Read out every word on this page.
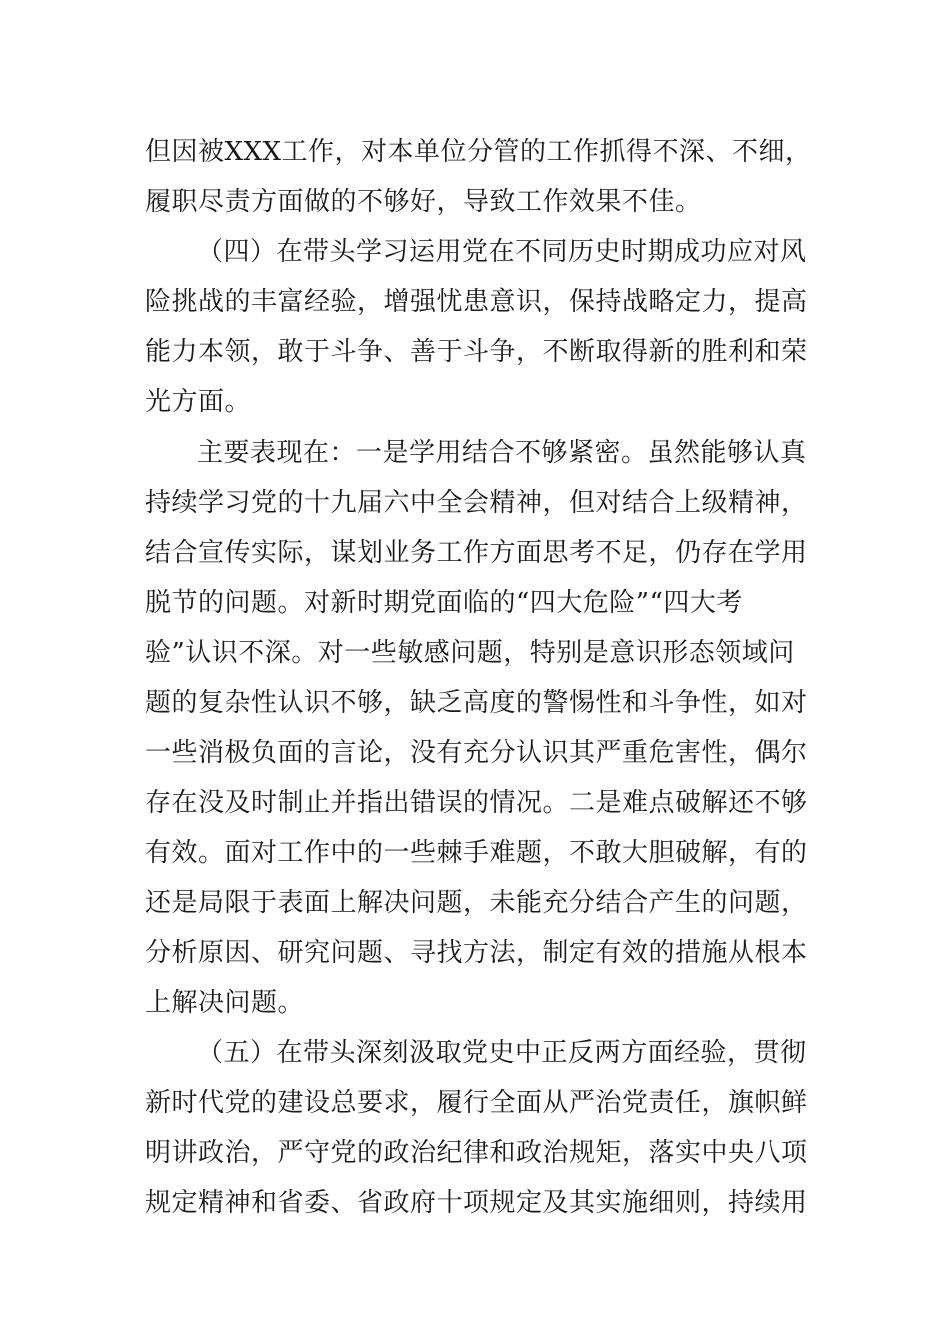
但因被XXX工作，对本单位分管的工作抓得不深、不细，
履职尽责方面做的不够好，导致工作效果不佳。
（四）在带头学习运用党在不同历史时期成功应对风
险挑战的丰富经验，增强忧患意识，保持战略定力，提高
能力本领，敢于斗争、善于斗争，不断取得新的胜利和荣
光方面。
主要表现在：一是学用结合不够紧密。虽然能够认真
持续学习党的十九届六中全会精神，但对结合上级精神，
结合宣传实际，谋划业务工作方面思考不足，仍存在学用
脱节的问题。对新时期党面临的“四大危险”“四大考
验”认识不深。对一些敏感问题，特别是意识形态领域问
题的复杂性认识不够，缺乏高度的警惕性和斗争性，如对
一些消极负面的言论，没有充分认识其严重危害性，偶尔
存在没及时制止并指出错误的情况。二是难点破解还不够
有效。面对工作中的一些棘手难题，不敢大胆破解，有的
还是局限于表面上解决问题，未能充分结合产生的问题，
分析原因、研究问题、寻找方法，制定有效的措施从根本
上解决问题。
（五）在带头深刻汲取党史中正反两方面经验，贯彻
新时代党的建设总要求，履行全面从严治党责任，旗帜鲜
明讲政治，严守党的政治纪律和政治规矩，落实中央八项
规定精神和省委、省政府十项规定及其实施细则，持续用
